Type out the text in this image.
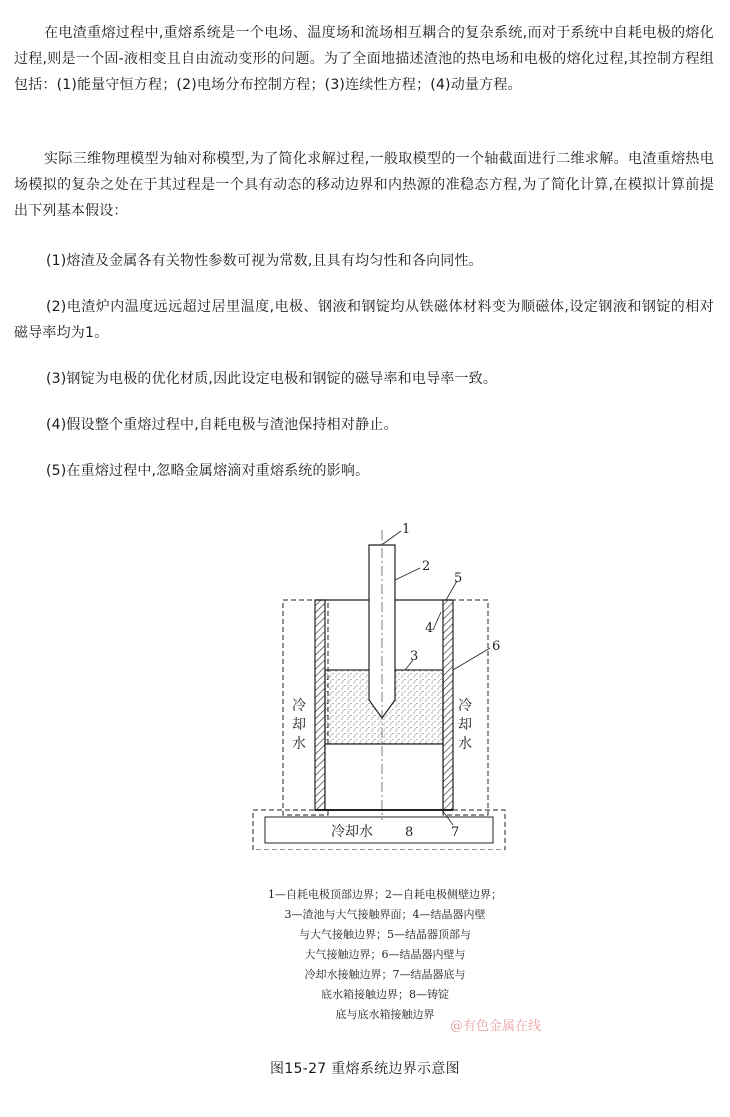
在电渣重熔过程中,重熔系统是一个电场、温度场和流场相互耦合的复杂系统,而对于系统中自耗电极的熔化过程,则是一个固-液相变且自由流动变形的问题。为了全面地描述渣池的热电场和电极的熔化过程,其控制方程组包括：(1)能量守恒方程；(2)电场分布控制方程；(3)连续性方程；(4)动量方程。

实际三维物理模型为轴对称模型,为了简化求解过程,一般取模型的一个轴截面进行二维求解。电渣重熔热电场模拟的复杂之处在于其过程是一个具有动态的移动边界和内热源的准稳态方程,为了简化计算,在模拟计算前提出下列基本假设：

(1)熔渣及金属各有关物性参数可视为常数,且具有均匀性和各向同性。

(2)电渣炉内温度远远超过居里温度,电极、钢液和钢锭均从铁磁体材料变为顺磁体,设定钢液和钢锭的相对磁导率均为1。

(3)钢锭为电极的优化材质,因此设定电极和钢锭的磁导率和电导率一致。

(4)假设整个重熔过程中,自耗电极与渣池保持相对静止。

(5)在重熔过程中,忽略金属熔滴对重熔系统的影响。

1
2
5
4
6
3
7
8
冷
却
水
冷
却
水
冷却水
1—自耗电极顶部边界；2—自耗电极侧壁边界；
3—渣池与大气接触界面；4—结晶器内壁
与大气接触边界；5—结晶器顶部与
大气接触边界；6—结晶器内壁与
冷却水接触边界；7—结晶器底与
底水箱接触边界；8—铸锭
底与底水箱接触边界
@有色金属在线
图15-27 重熔系统边界示意图
